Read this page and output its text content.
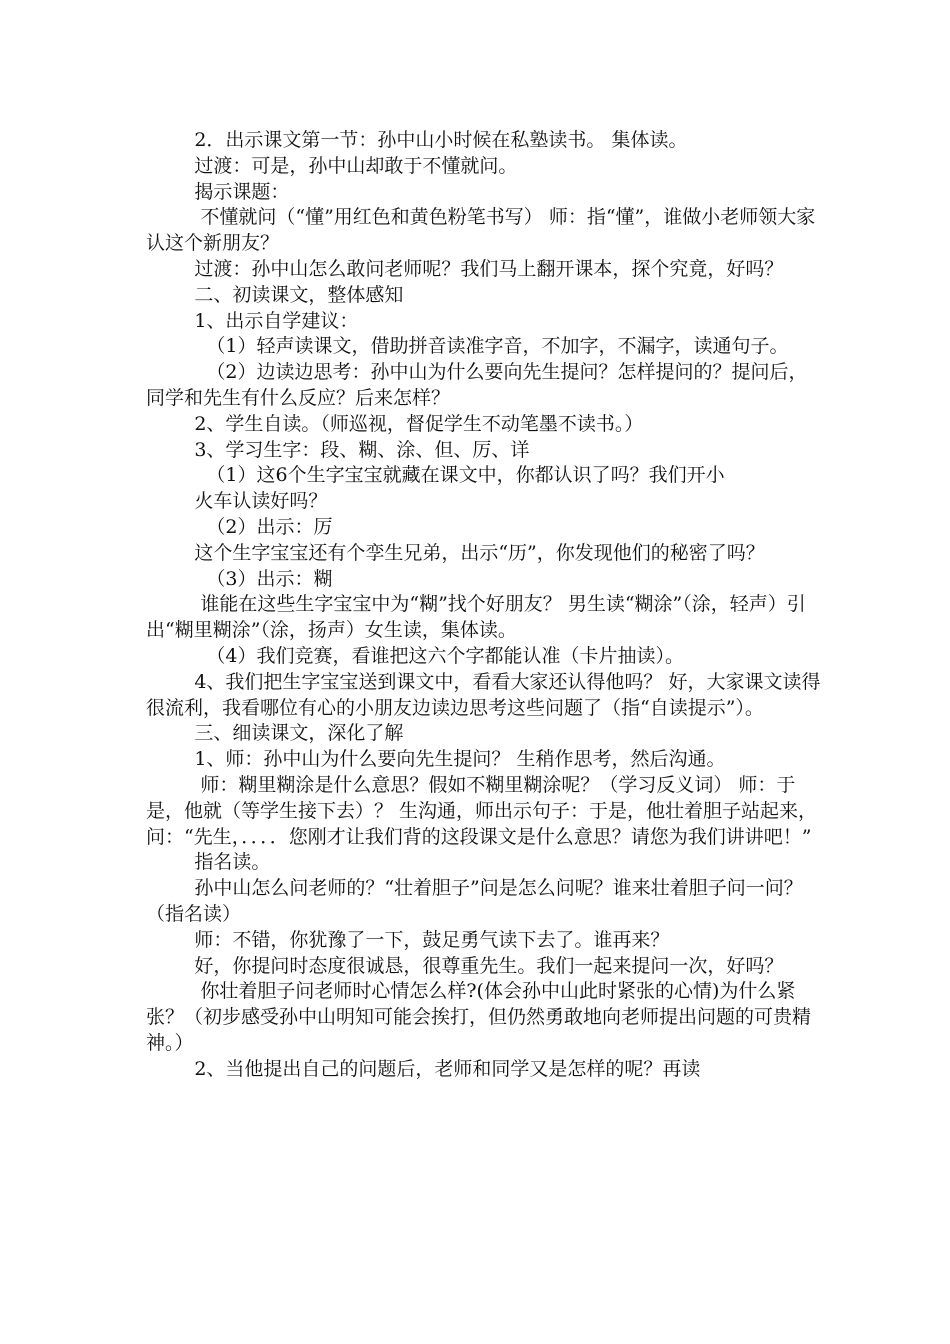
2．出示课文第一节：孙中山小时候在私塾读书。 集体读。

过渡：可是，孙中山却敢于不懂就问。

揭示课题：

不懂就问（“懂”用红色和黄色粉笔书写） 师：指“懂”，谁做小老师领大家认这个新朋友？

过渡：孙中山怎么敢问老师呢？我们马上翻开课本，探个究竟，好吗？

二、初读课文，整体感知

1、出示自学建议：

（1）轻声读课文，借助拼音读准字音，不加字，不漏字，读通句子。

（2）边读边思考：孙中山为什么要向先生提问？怎样提问的？提问后，同学和先生有什么反应？后来怎样？

2、学生自读。（师巡视，督促学生不动笔墨不读书。）

3、学习生字：段、糊、涂、但、厉、详

（1）这6个生字宝宝就藏在课文中，你都认识了吗？我们开小

火车认读好吗？

（2）出示：厉

这个生字宝宝还有个孪生兄弟，出示“历”，你发现他们的秘密了吗？

（3）出示：糊

谁能在这些生字宝宝中为“糊”找个好朋友？ 男生读“糊涂”（涂，轻声）引出“糊里糊涂”（涂，扬声）女生读，集体读。

（4）我们竞赛，看谁把这六个字都能认准（卡片抽读）。

4、我们把生字宝宝送到课文中，看看大家还认得他吗？ 好，大家课文读得很流利，我看哪位有心的小朋友边读边思考这些问题了（指“自读提示”）。

三、细读课文，深化了解

1、师：孙中山为什么要向先生提问？ 生稍作思考，然后沟通。

师：糊里糊涂是什么意思？假如不糊里糊涂呢？（学习反义词） 师：于是，他就（等学生接下去）？ 生沟通，师出示句子：于是，他壮着胆子站起来，问：“先生，．．．．您刚才让我们背的这段课文是什么意思？请您为我们讲讲吧！”

指名读。

孙中山怎么问老师的？“壮着胆子”问是怎么问呢？谁来壮着胆子问一问？（指名读）

师：不错，你犹豫了一下，鼓足勇气读下去了。谁再来？

好，你提问时态度很诚恳，很尊重先生。我们一起来提问一次，好吗？

你壮着胆子问老师时心情怎么样?(体会孙中山此时紧张的心情)为什么紧张？（初步感受孙中山明知可能会挨打，但仍然勇敢地向老师提出问题的可贵精神。）

2、当他提出自己的问题后，老师和同学又是怎样的呢？再读
